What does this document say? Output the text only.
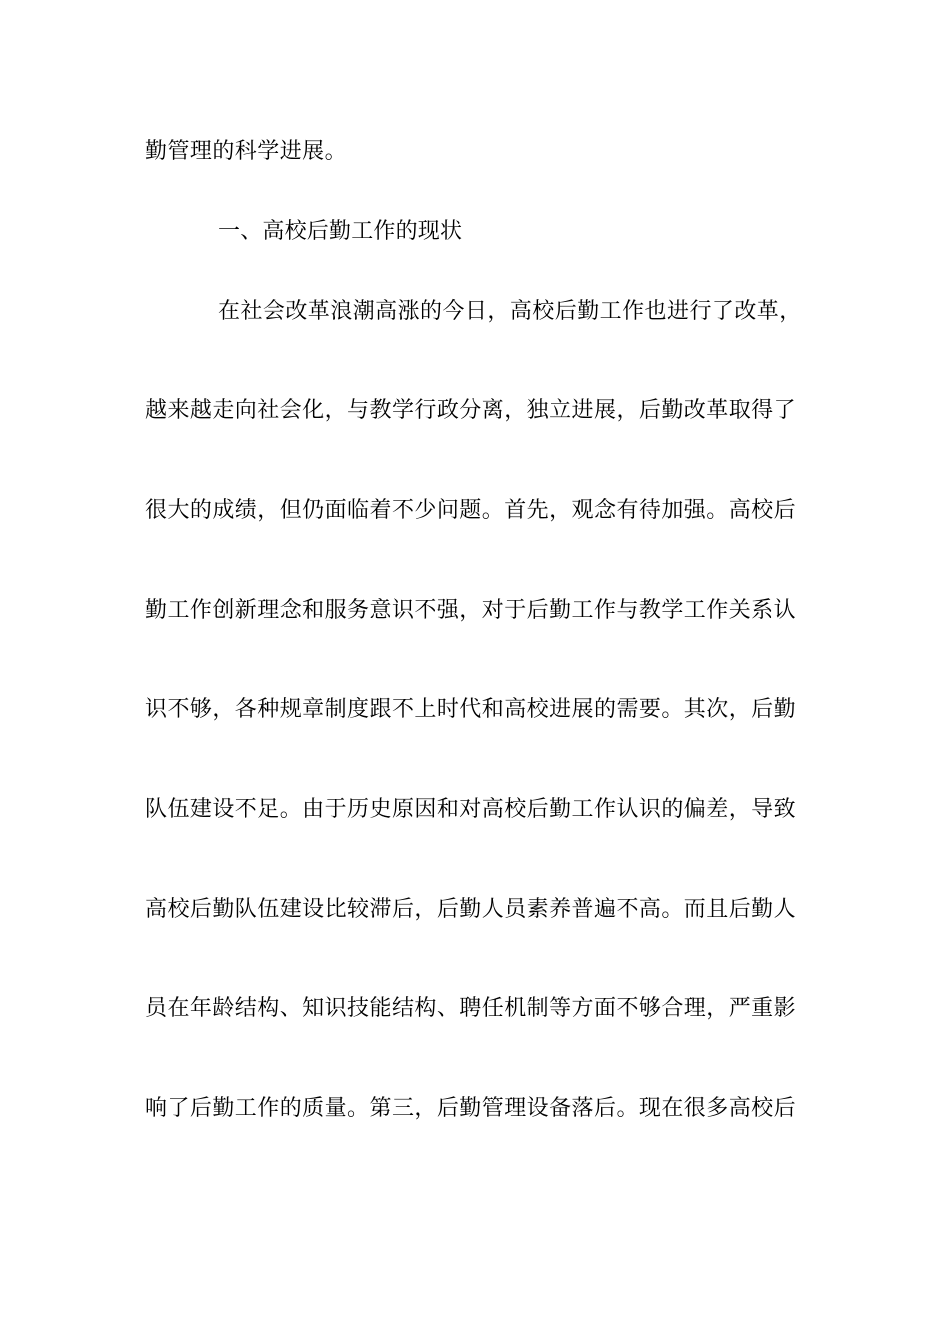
勤管理的科学进展。
一、高校后勤工作的现状
在社会改革浪潮高涨的今日，高校后勤工作也进行了改革，
越来越走向社会化，与教学行政分离，独立进展，后勤改革取得了
很大的成绩，但仍面临着不少问题。首先，观念有待加强。高校后
勤工作创新理念和服务意识不强，对于后勤工作与教学工作关系认
识不够，各种规章制度跟不上时代和高校进展的需要。其次，后勤
队伍建设不足。由于历史原因和对高校后勤工作认识的偏差，导致
高校后勤队伍建设比较滞后，后勤人员素养普遍不高。而且后勤人
员在年龄结构、知识技能结构、聘任机制等方面不够合理，严重影
响了后勤工作的质量。第三，后勤管理设备落后。现在很多高校后
